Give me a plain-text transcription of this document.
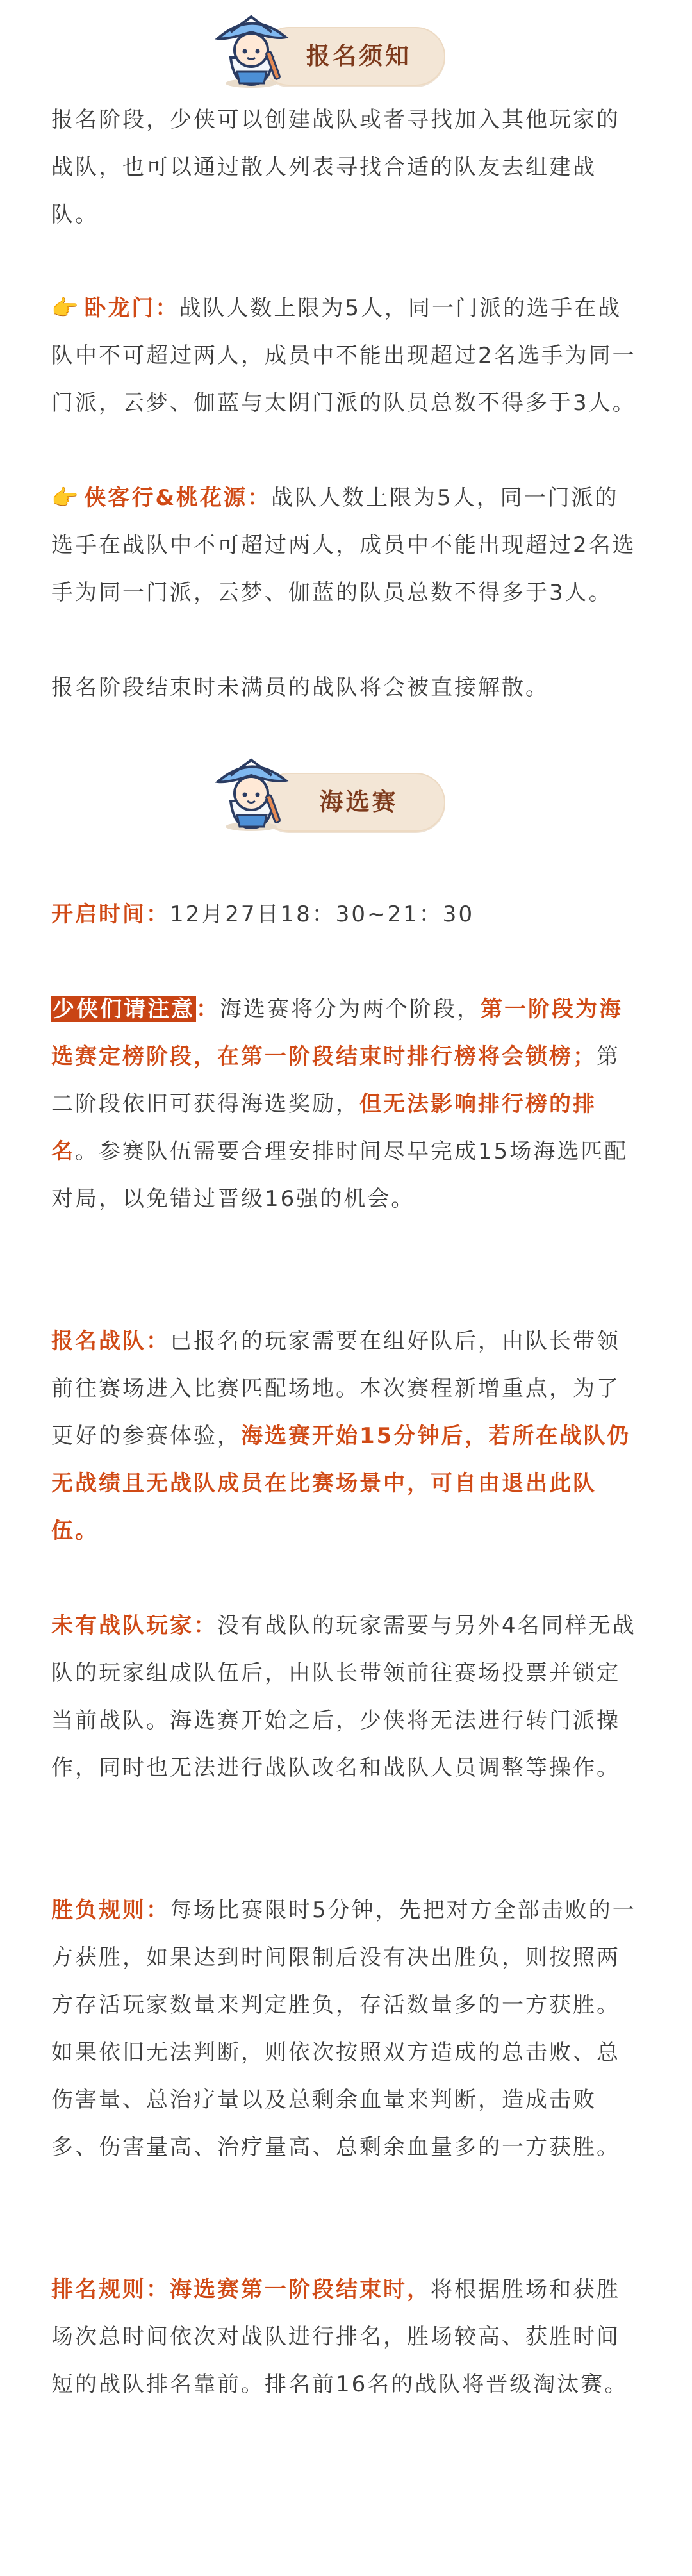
报名须知

报名阶段，少侠可以创建战队或者寻找加入其他玩家的战队，也可以通过散人列表寻找合适的队友去组建战队。

👉 卧龙门：战队人数上限为5人，同一门派的选手在战队中不可超过两人，成员中不能出现超过2名选手为同一门派，云梦、伽蓝与太阴门派的队员总数不得多于3人。

👉 侠客行&桃花源：战队人数上限为5人，同一门派的选手在战队中不可超过两人，成员中不能出现超过2名选手为同一门派，云梦、伽蓝的队员总数不得多于3人。

报名阶段结束时未满员的战队将会被直接解散。

海选赛

开启时间：12月27日18：30~21：30

少侠们请注意：海选赛将分为两个阶段，第一阶段为海选赛定榜阶段，在第一阶段结束时排行榜将会锁榜；第二阶段依旧可获得海选奖励，但无法影响排行榜的排名。参赛队伍需要合理安排时间尽早完成15场海选匹配对局，以免错过晋级16强的机会。

报名战队：已报名的玩家需要在组好队后，由队长带领前往赛场进入比赛匹配场地。本次赛程新增重点，为了更好的参赛体验，海选赛开始15分钟后，若所在战队仍无战绩且无战队成员在比赛场景中，可自由退出此队伍。

未有战队玩家：没有战队的玩家需要与另外4名同样无战队的玩家组成队伍后，由队长带领前往赛场投票并锁定当前战队。海选赛开始之后，少侠将无法进行转门派操作，同时也无法进行战队改名和战队人员调整等操作。

胜负规则：每场比赛限时5分钟，先把对方全部击败的一方获胜，如果达到时间限制后没有决出胜负，则按照两方存活玩家数量来判定胜负，存活数量多的一方获胜。如果依旧无法判断，则依次按照双方造成的总击败、总伤害量、总治疗量以及总剩余血量来判断，造成击败多、伤害量高、治疗量高、总剩余血量多的一方获胜。

排名规则：海选赛第一阶段结束时，将根据胜场和获胜场次总时间依次对战队进行排名，胜场较高、获胜时间短的战队排名靠前。排名前16名的战队将晋级淘汰赛。
